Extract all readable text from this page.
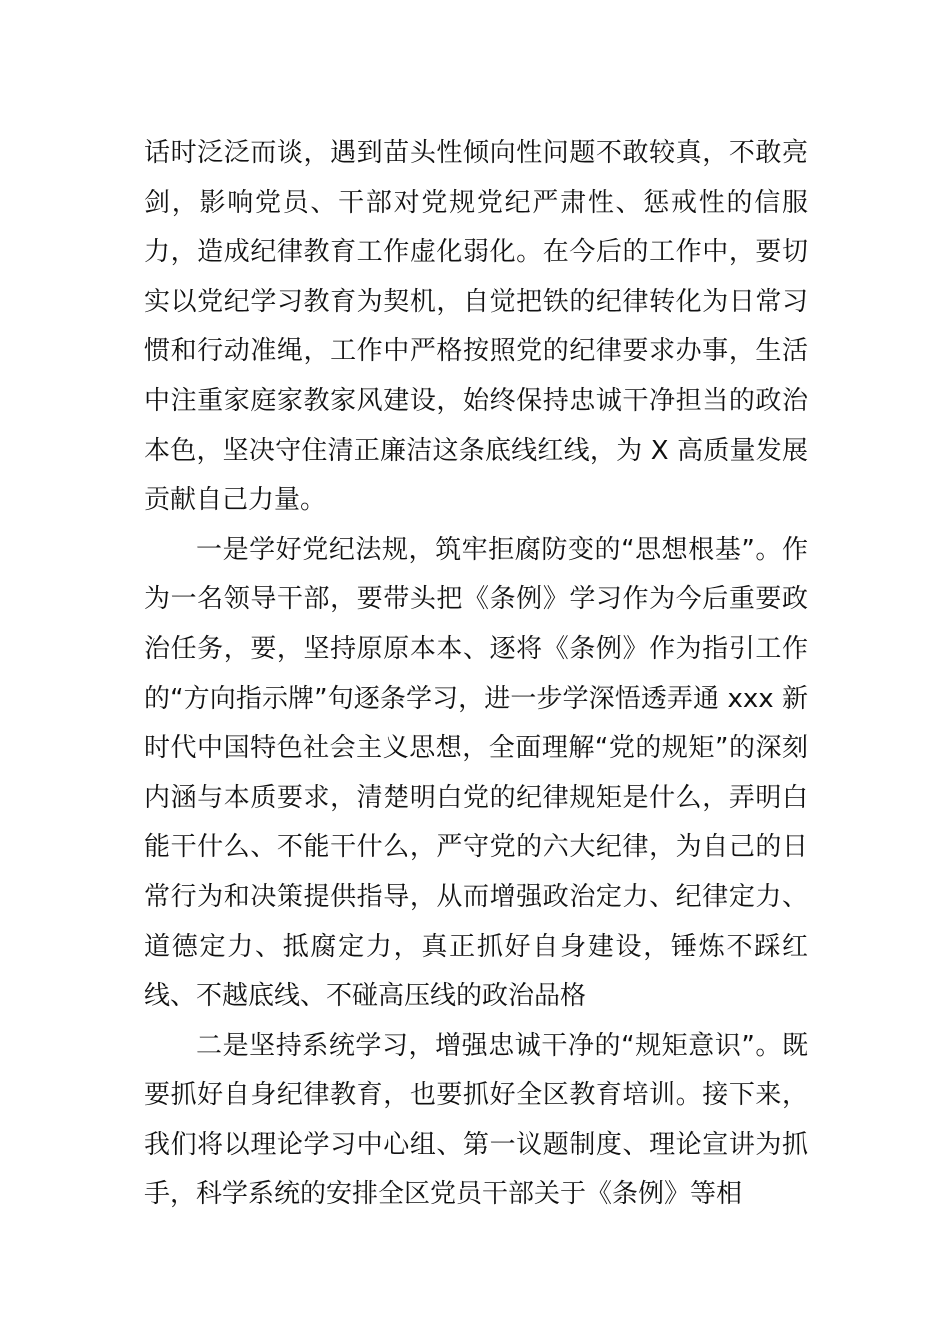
话时泛泛而谈，遇到苗头性倾向性问题不敢较真，不敢亮剑，影响党员、干部对党规党纪严肃性、惩戒性的信服力，造成纪律教育工作虚化弱化。在今后的工作中，要切实以党纪学习教育为契机，自觉把铁的纪律转化为日常习惯和行动准绳，工作中严格按照党的纪律要求办事，生活中注重家庭家教家风建设，始终保持忠诚干净担当的政治本色，坚决守住清正廉洁这条底线红线，为 X 高质量发展贡献自己力量。

一是学好党纪法规，筑牢拒腐防变的“思想根基”。作为一名领导干部，要带头把《条例》学习作为今后重要政治任务，要，坚持原原本本、逐将《条例》作为指引工作的“方向指示牌”句逐条学习，进一步学深悟透弄通 xxx 新时代中国特色社会主义思想，全面理解“党的规矩”的深刻内涵与本质要求，清楚明白党的纪律规矩是什么，弄明白能干什么、不能干什么，严守党的六大纪律，为自己的日常行为和决策提供指导，从而增强政治定力、纪律定力、道德定力、抵腐定力，真正抓好自身建设，锤炼不踩红线、不越底线、不碰高压线的政治品格

二是坚持系统学习，增强忠诚干净的“规矩意识”。既要抓好自身纪律教育，也要抓好全区教育培训。接下来，我们将以理论学习中心组、第一议题制度、理论宣讲为抓手，科学系统的安排全区党员干部关于《条例》等相
